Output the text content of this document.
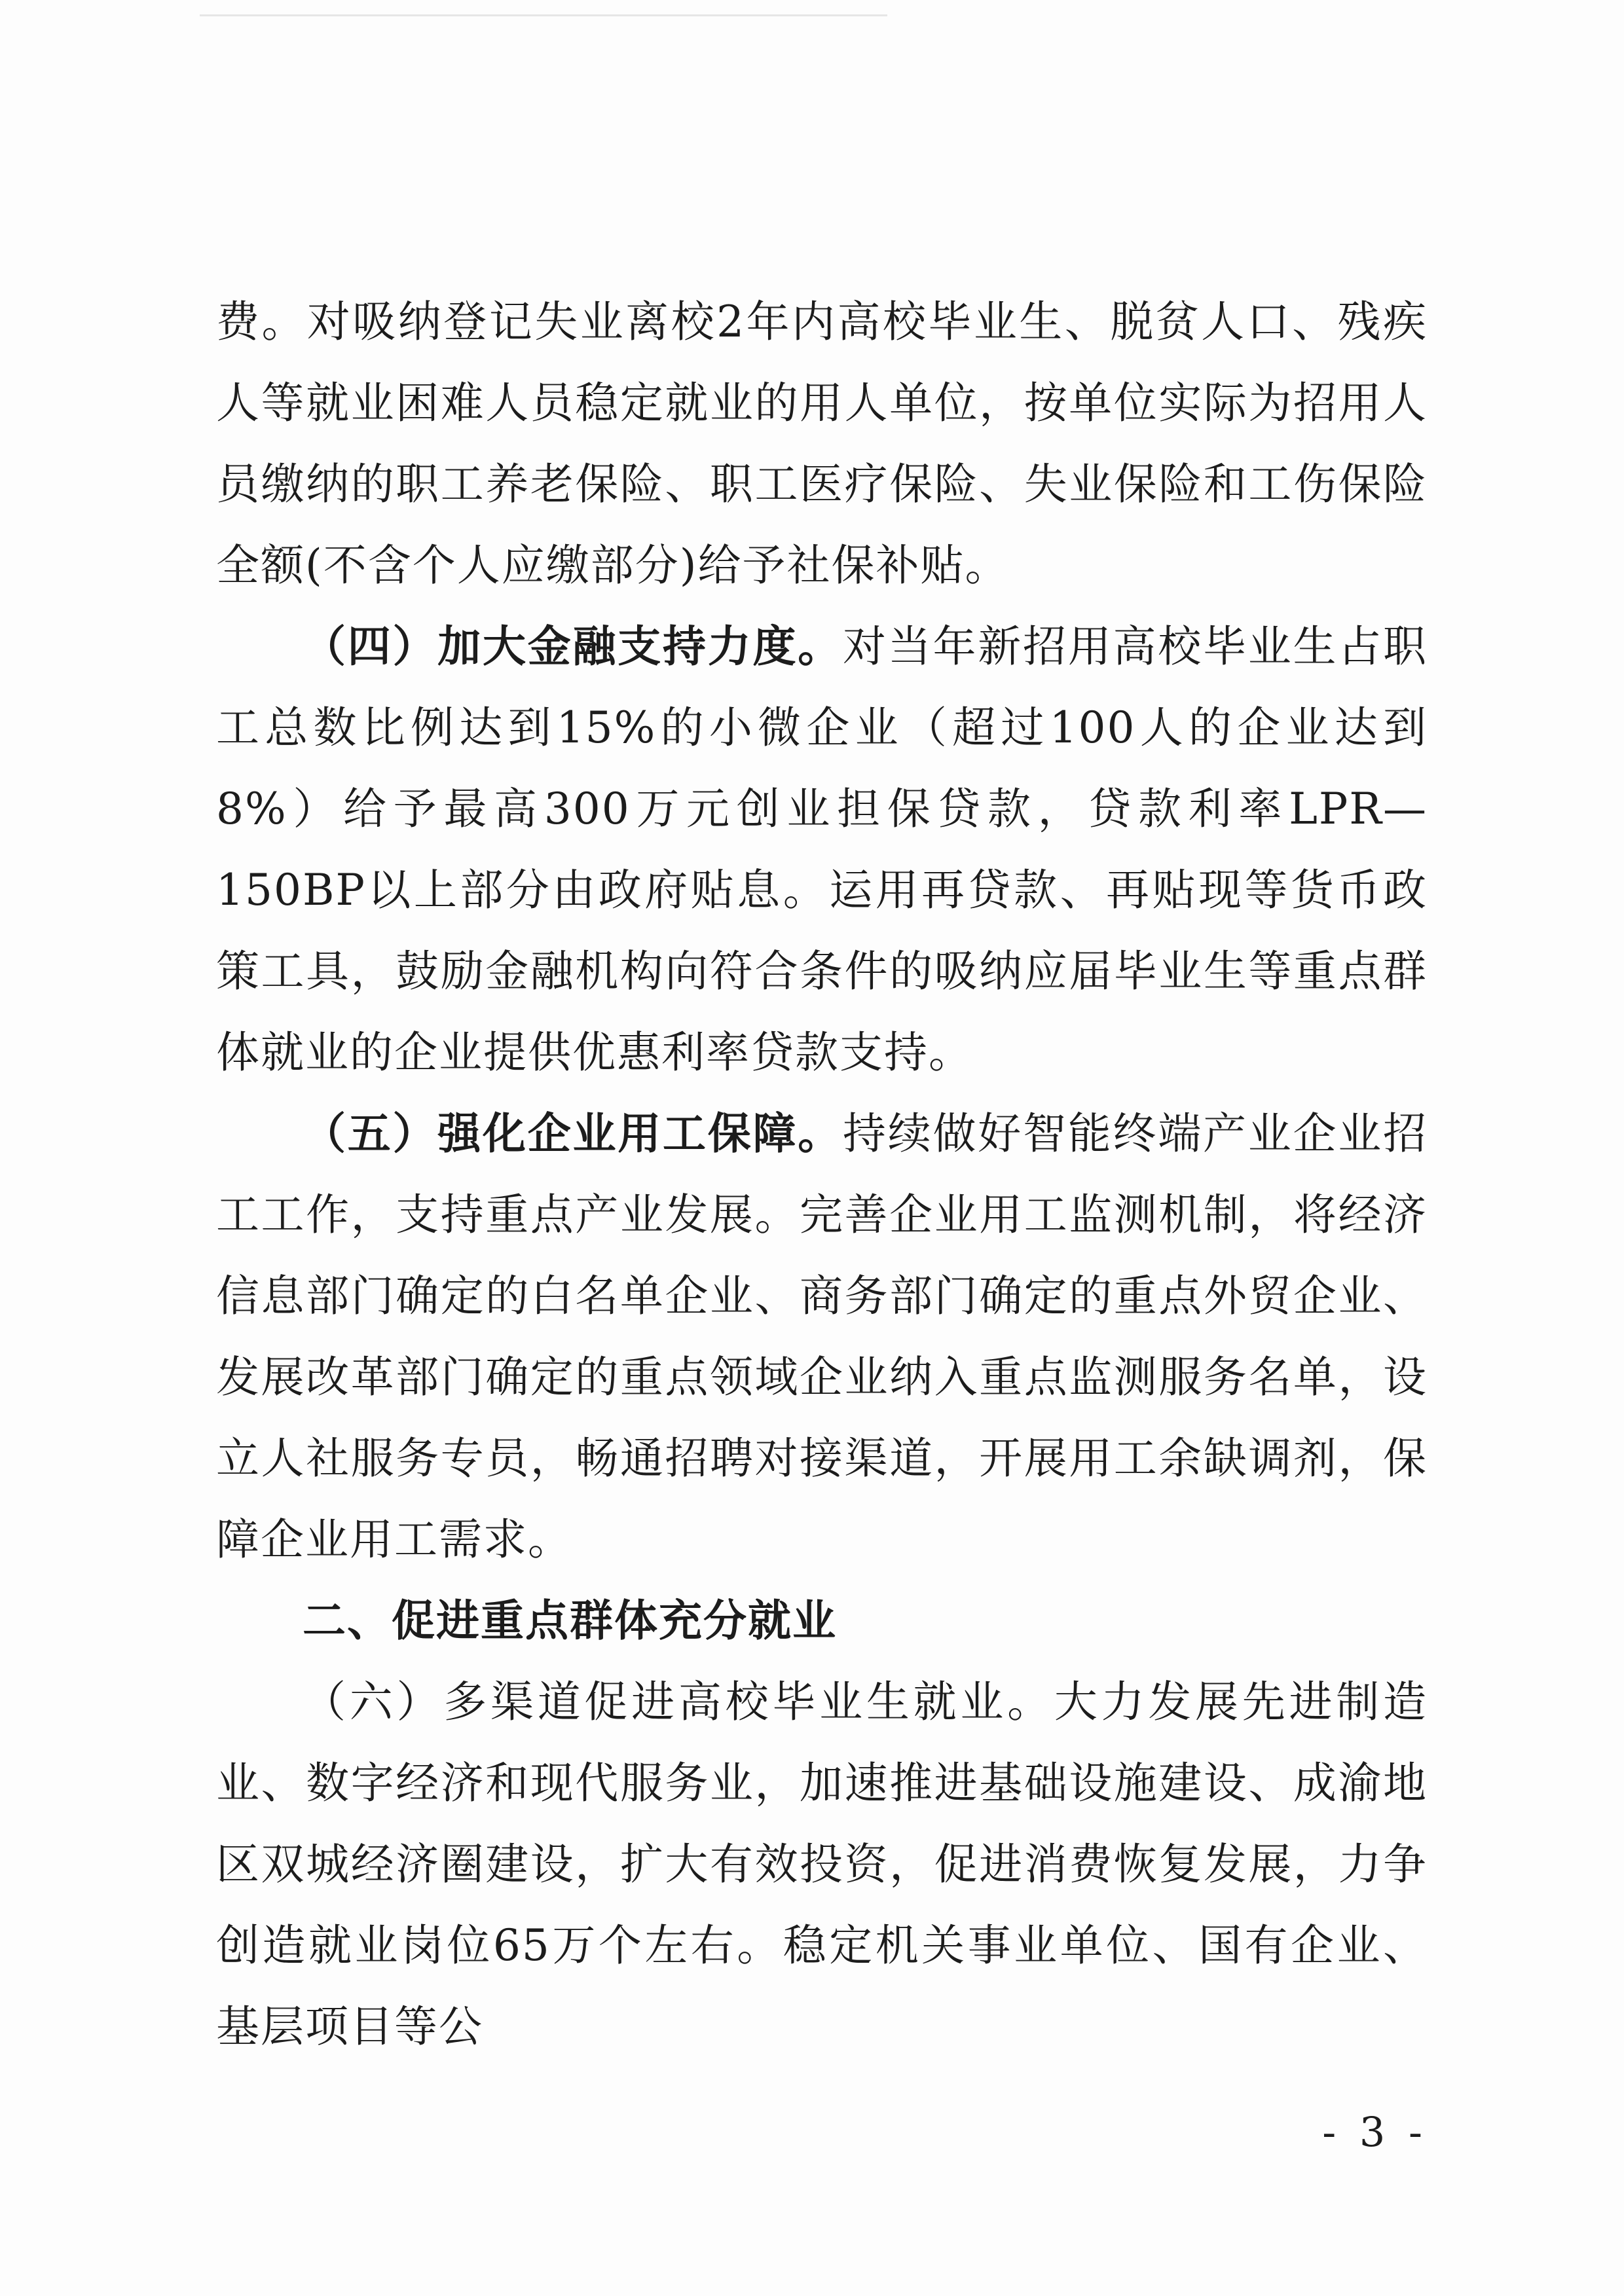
费。对吸纳登记失业离校2年内高校毕业生、脱贫人口、残疾人等就业困难人员稳定就业的用人单位，按单位实际为招用人员缴纳的职工养老保险、职工医疗保险、失业保险和工伤保险全额(不含个人应缴部分)给予社保补贴。

（四）加大金融支持力度。对当年新招用高校毕业生占职工总数比例达到15%的小微企业（超过100人的企业达到8%）给予最高300万元创业担保贷款，贷款利率LPR—150BP以上部分由政府贴息。运用再贷款、再贴现等货币政策工具，鼓励金融机构向符合条件的吸纳应届毕业生等重点群体就业的企业提供优惠利率贷款支持。

（五）强化企业用工保障。持续做好智能终端产业企业招工工作，支持重点产业发展。完善企业用工监测机制，将经济信息部门确定的白名单企业、商务部门确定的重点外贸企业、发展改革部门确定的重点领域企业纳入重点监测服务名单，设立人社服务专员，畅通招聘对接渠道，开展用工余缺调剂，保障企业用工需求。

二、促进重点群体充分就业

（六）多渠道促进高校毕业生就业。大力发展先进制造业、数字经济和现代服务业，加速推进基础设施建设、成渝地区双城经济圈建设，扩大有效投资，促进消费恢复发展，力争创造就业岗位65万个左右。稳定机关事业单位、国有企业、基层项目等公

- 3 -
